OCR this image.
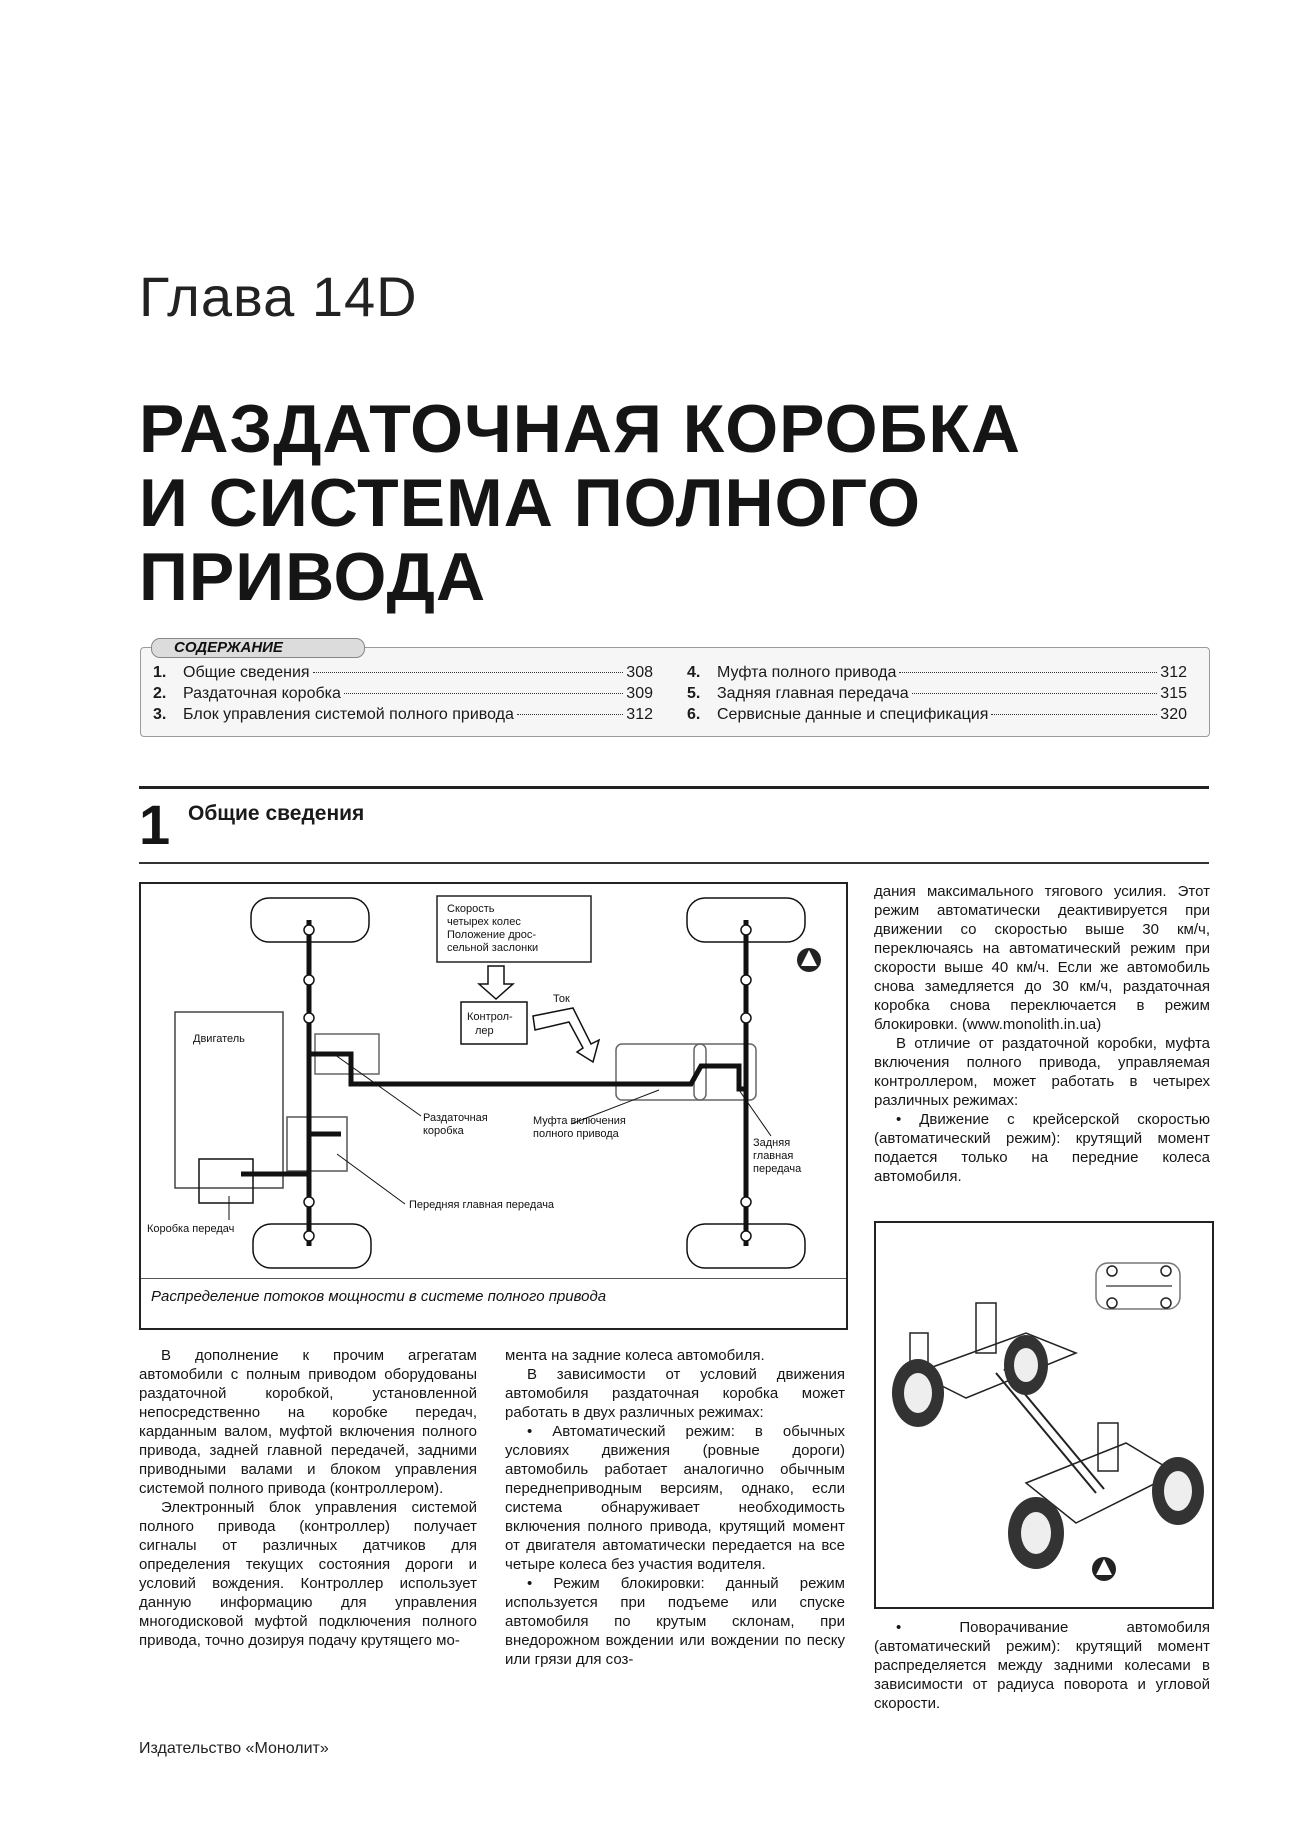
Глава 14D
РАЗДАТОЧНАЯ КОРОБКА
И СИСТЕМА ПОЛНОГО
ПРИВОДА
СОДЕРЖАНИЕ
1.	Общие сведения	308
2.	Раздаточная коробка	309
3.	Блок управления системой полного привода	312
4.	Муфта полного привода	312
5.	Задняя главная передача	315
6.	Сервисные данные и спецификация	320
1 Общие сведения
Скорость
четырех колес
Положение дрос-
сельной заслонки
Контрол-
лер
Ток
Двигатель
Раздаточная
коробка
Муфта включения
полного привода
Задняя
главная
передача
Коробка передач
Передняя главная передача
Распределение потоков мощности в системе полного привода

В дополнение к прочим агрегатам автомобили с полным приводом оборудованы раздаточной коробкой, установленной непосредственно на коробке передач, карданным валом, муфтой включения полного привода, задней главной передачей, задними приводными валами и блоком управления системой полного привода (контроллером).

Электронный блок управления системой полного привода (контроллер) получает сигналы от различных датчиков для определения текущих состояния дороги и условий вождения. Контроллер использует данную информацию для управления многодисковой муфтой подключения полного привода, точно дозируя подачу крутящего мо-

мента на задние колеса автомобиля.

В зависимости от условий движения автомобиля раздаточная коробка может работать в двух различных режимах:

• Автоматический режим: в обычных условиях движения (ровные дороги) автомобиль работает аналогично обычным переднеприводным версиям, однако, если система обнаруживает необходимость включения полного привода, крутящий момент от двигателя автоматически передается на все четыре колеса без участия водителя.

• Режим блокировки: данный режим используется при подъеме или спуске автомобиля по крутым склонам, при внедорожном вождении или вождении по песку или грязи для соз-

дания максимального тягового усилия. Этот режим автоматически деактивируется при движении со скоростью выше 30 км/ч, переключаясь на автоматический режим при скорости выше 40 км/ч. Если же автомобиль снова замедляется до 30 км/ч, раздаточная коробка снова переключается в режим блокировки. (www.monolith.in.ua)

В отличие от раздаточной коробки, муфта включения полного привода, управляемая контроллером, может работать в четырех различных режимах:

• Движение с крейсерской скоростью (автоматический режим): крутящий момент подается только на передние колеса автомобиля.

• Поворачивание автомобиля (автоматический режим): крутящий момент распределяется между задними колесами в зависимости от радиуса поворота и угловой скорости.

Издательство «Монолит»
